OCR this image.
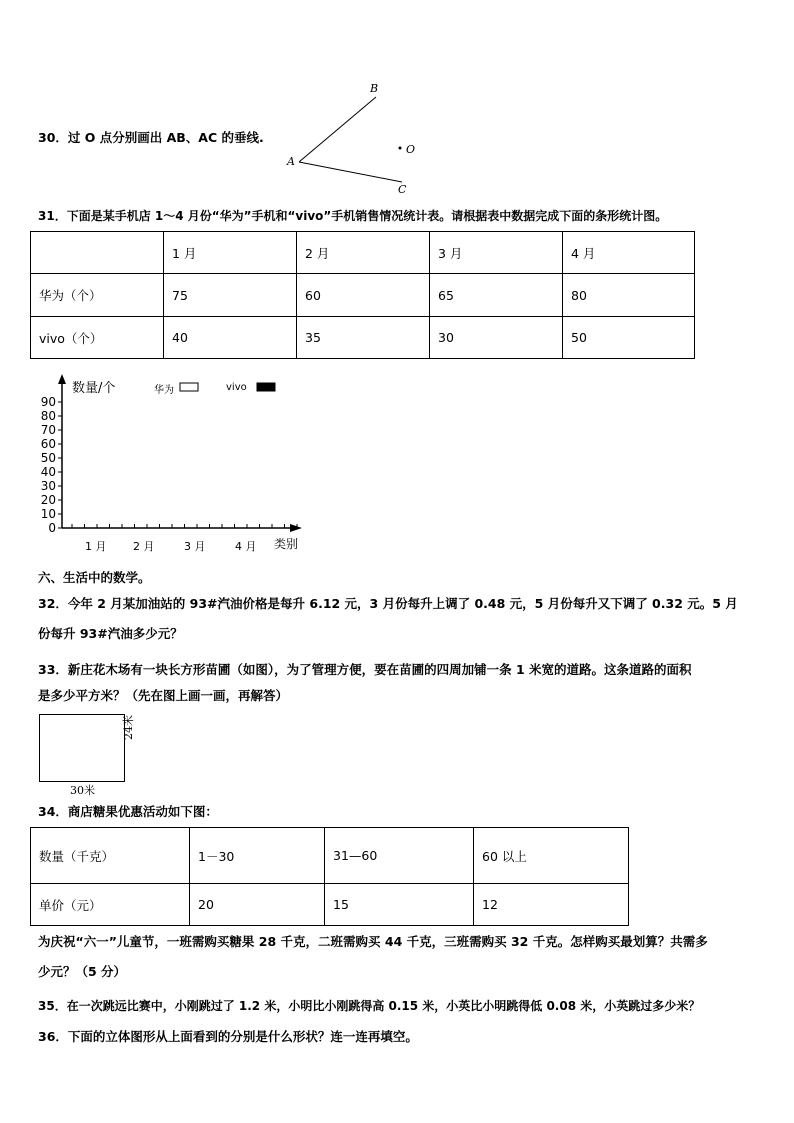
30．过 O 点分别画出 AB、AC 的垂线.
B
A
O
C
31．下面是某手机店 1～4 月份“华为”手机和“vivo”手机销售情况统计表。请根据表中数据完成下面的条形统计图。
	1 月	2 月	3 月	4 月
华为（个）	75	60	65	80
vivo（个）	40	35	30	50
数量/个	华为	vivo
90
80
70
60
50
40
30
20
10
0
1 月 2 月	3 月	4 月 类别
六、生活中的数学。
32．今年 2 月某加油站的 93#汽油价格是每升 6.12 元，3 月份每升上调了 0.48 元，5 月份每升又下调了 0.32 元。5 月
份每升 93#汽油多少元？
33．新庄花木场有一块长方形苗圃（如图），为了管理方便，要在苗圃的四周加铺一条 1 米宽的道路。这条道路的面积
是多少平方米？（先在图上画一画，再解答）
24米
30米
34．商店糖果优惠活动如下图：
数量（千克）	1－30	31—60	60 以上
单价（元）	20	15	12
为庆祝“六一”儿童节，一班需购买糖果 28 千克，二班需购买 44 千克，三班需购买 32 千克。怎样购买最划算？共需多
少元？（5 分）
35．在一次跳远比赛中，小刚跳过了 1.2 米，小明比小刚跳得高 0.15 米，小英比小明跳得低 0.08 米，小英跳过多少米？
36．下面的立体图形从上面看到的分别是什么形状？连一连再填空。
